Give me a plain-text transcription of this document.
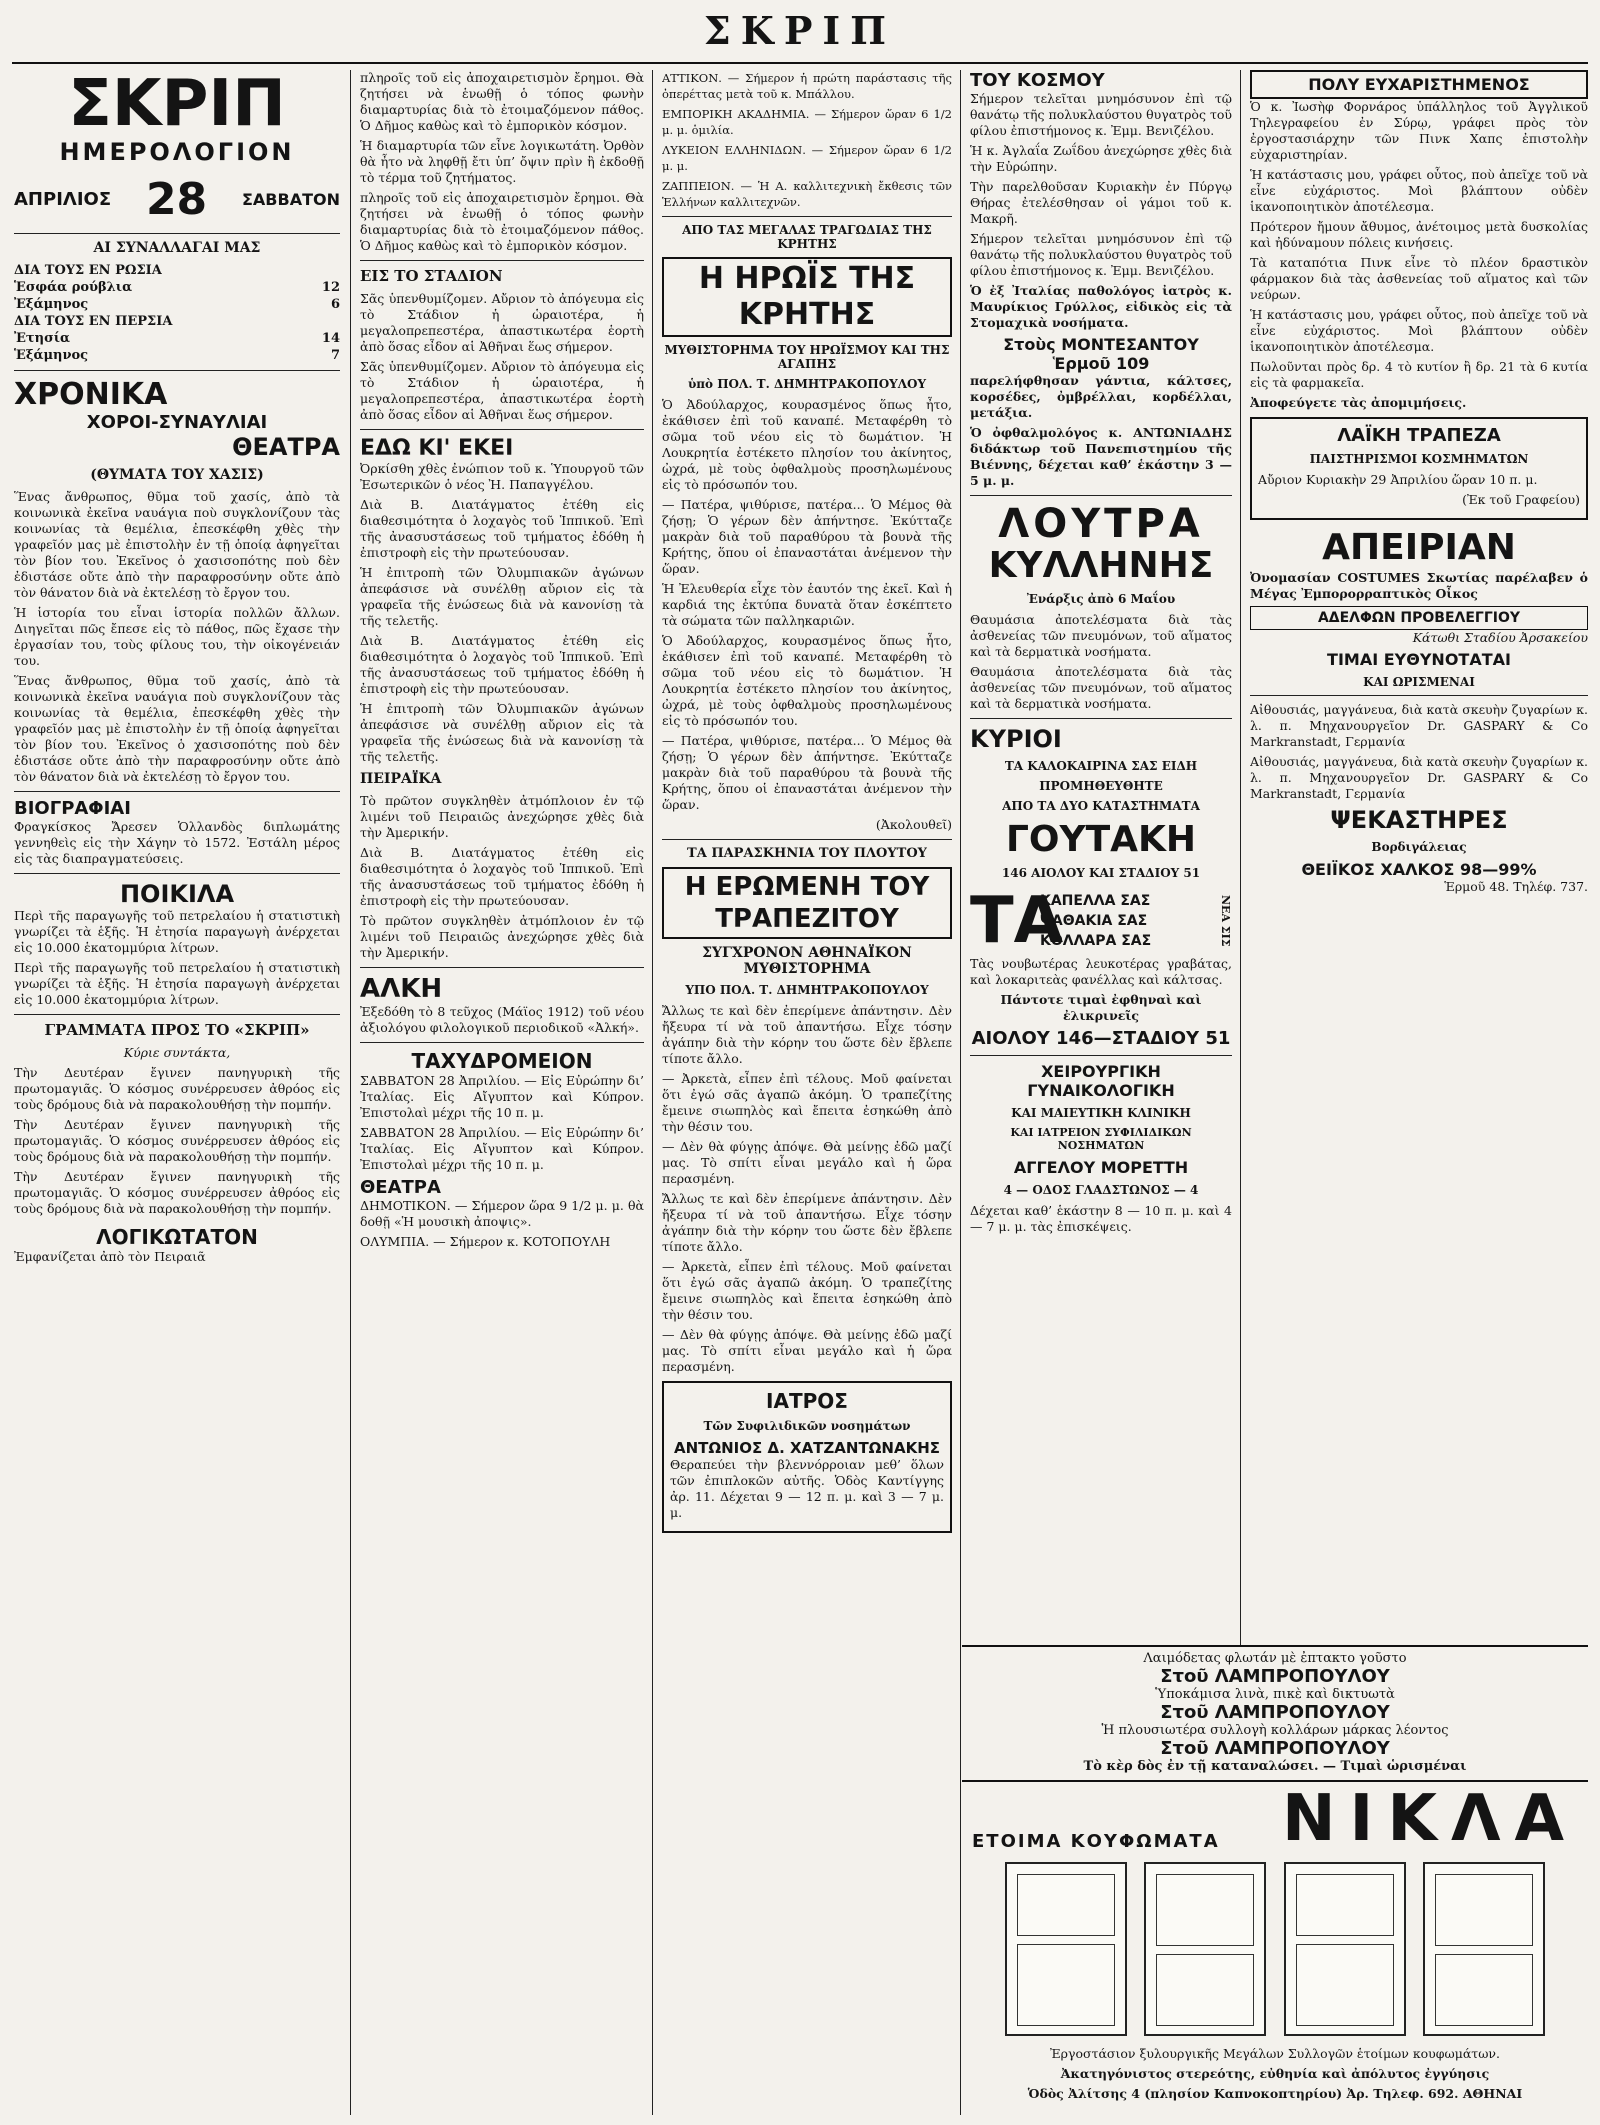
ΣΚΡΙΠ
ΣΚΡΙΠ
ΗΜΕΡΟΛΟΓΙΟΝ
ΑΠΡΙΛΙΟΣ 28 ΣΑΒΒΑΤΟΝ
ΑΙ ΣΥΝΑΛΛΑΓΑΙ ΜΑΣ
ΔΙΑ ΤΟΥΣ ΕΝ ΡΩΣΙΑ
Ἑσφάα ρούβλια	12
Ἐξάμηνος	6
ΔΙΑ ΤΟΥΣ ΕΝ ΠΕΡΣΙΑ
Ἐτησία	14
Ἑξάμηνος	7
ΧΡΟΝΙΚΑ
ΧΟΡΟΙ-ΣΥΝΑΥΛΙΑΙ
ΘΕΑΤΡΑ
(ΘΥΜΑΤΑ ΤΟΥ ΧΑΣΙΣ)

Ἕνας ἄνθρωπος, θῦμα τοῦ χασίς, ἀπὸ τὰ κοινωνικὰ ἐκεῖνα ναυάγια ποὺ συγκλονίζουν τὰς κοινωνίας τὰ θεμέλια, ἐπεσκέφθη χθὲς τὴν γραφεῖόν μας μὲ ἐπιστολὴν ἐν τῇ ὁποίᾳ ἀφηγεῖται τὸν βίον του. Ἐκεῖνος ὁ χασισοπότης ποὺ δὲν ἐδιστάσε οὔτε ἀπὸ τὴν παραφροσύνην οὔτε ἀπὸ τὸν θάνατον διὰ νὰ ἐκτελέσῃ τὸ ἔργον του.

Ἡ ἱστορία του εἶναι ἱστορία πολλῶν ἄλλων. Διηγεῖται πῶς ἔπεσε εἰς τὸ πάθος, πῶς ἔχασε τὴν ἐργασίαν του, τοὺς φίλους του, τὴν οἰκογένειάν του.

Ἕνας ἄνθρωπος, θῦμα τοῦ χασίς, ἀπὸ τὰ κοινωνικὰ ἐκεῖνα ναυάγια ποὺ συγκλονίζουν τὰς κοινωνίας τὰ θεμέλια, ἐπεσκέφθη χθὲς τὴν γραφεῖόν μας μὲ ἐπιστολὴν ἐν τῇ ὁποίᾳ ἀφηγεῖται τὸν βίον του. Ἐκεῖνος ὁ χασισοπότης ποὺ δὲν ἐδιστάσε οὔτε ἀπὸ τὴν παραφροσύνην οὔτε ἀπὸ τὸν θάνατον διὰ νὰ ἐκτελέσῃ τὸ ἔργον του.

ΒΙΟΓΡΑΦΙΑΙ

Φραγκίσκος Ἄρεσεν Ὁλλανδὸς διπλωμάτης γεννηθεὶς εἰς τὴν Χάγην τὸ 1572. Ἐστάλη μέρος εἰς τὰς διαπραγματεύσεις.

ΠΟΙΚΙΛΑ

Περὶ τῆς παραγωγῆς τοῦ πετρελαίου ἡ στατιστικὴ γνωρίζει τὰ ἑξῆς. Ἡ ἐτησία παραγωγὴ ἀνέρχεται εἰς 10.000 ἑκατομμύρια λίτρων.

Περὶ τῆς παραγωγῆς τοῦ πετρελαίου ἡ στατιστικὴ γνωρίζει τὰ ἑξῆς. Ἡ ἐτησία παραγωγὴ ἀνέρχεται εἰς 10.000 ἑκατομμύρια λίτρων.

ΓΡΑΜΜΑΤΑ ΠΡΟΣ ΤΟ «ΣΚΡΙΠ»

Κύριε συντάκτα,

Τὴν Δευτέραν ἔγινεν πανηγυρικὴ τῆς πρωτομαγιᾶς. Ὁ κόσμος συνέρρευσεν ἀθρόος εἰς τοὺς δρόμους διὰ νὰ παρακολουθήσῃ τὴν πομπήν.

Τὴν Δευτέραν ἔγινεν πανηγυρικὴ τῆς πρωτομαγιᾶς. Ὁ κόσμος συνέρρευσεν ἀθρόος εἰς τοὺς δρόμους διὰ νὰ παρακολουθήσῃ τὴν πομπήν.

Τὴν Δευτέραν ἔγινεν πανηγυρικὴ τῆς πρωτομαγιᾶς. Ὁ κόσμος συνέρρευσεν ἀθρόος εἰς τοὺς δρόμους διὰ νὰ παρακολουθήσῃ τὴν πομπήν.

ΛΟΓΙΚΩΤΑΤΟΝ

Ἐμφανίζεται ἀπὸ τὸν Πειραιᾶ

πληροῖς τοῦ εἰς ἀποχαιρετισμὸν ἔρημοι. Θὰ ζητήσει νὰ ἑνωθῇ ὁ τόπος φωνὴν διαμαρτυρίας διὰ τὸ ἐτοιμαζόμενον πάθος. Ὁ Δῆμος καθὼς καὶ τὸ ἐμπορικὸν κόσμον.

Ἡ διαμαρτυρία τῶν εἶνε λογικωτάτη. Ὀρθὸν θὰ ἦτο νὰ ληφθῇ ἔτι ὑπ’ ὄψιν πρὶν ἢ ἐκδοθῇ τὸ τέρμα τοῦ ζητήματος.

πληροῖς τοῦ εἰς ἀποχαιρετισμὸν ἔρημοι. Θὰ ζητήσει νὰ ἑνωθῇ ὁ τόπος φωνὴν διαμαρτυρίας διὰ τὸ ἐτοιμαζόμενον πάθος. Ὁ Δῆμος καθὼς καὶ τὸ ἐμπορικὸν κόσμον.

ΕΙΣ ΤΟ ΣΤΑΔΙΟΝ

Σᾶς ὑπενθυμίζομεν. Αὔριον τὸ ἀπόγευμα εἰς τὸ Στάδιον ἡ ὡραιοτέρα, ἡ μεγαλοπρεπεστέρα, ἀπαστικωτέρα ἑορτὴ ἀπὸ ὅσας εἶδον αἱ Ἀθῆναι ἕως σήμερον.

Σᾶς ὑπενθυμίζομεν. Αὔριον τὸ ἀπόγευμα εἰς τὸ Στάδιον ἡ ὡραιοτέρα, ἡ μεγαλοπρεπεστέρα, ἀπαστικωτέρα ἑορτὴ ἀπὸ ὅσας εἶδον αἱ Ἀθῆναι ἕως σήμερον.

ΕΔΩ ΚΙ' ΕΚΕΙ

Ὀρκίσθη χθὲς ἐνώπιον τοῦ κ. Ὑπουργοῦ τῶν Ἐσωτερικῶν ὁ νέος Ἠ. Παπαγγέλου.

Διὰ Β. Διατάγματος ἐτέθη εἰς διαθεσιμότητα ὁ λοχαγὸς τοῦ Ἱππικοῦ. Ἐπὶ τῆς ἀνασυστάσεως τοῦ τμήματος ἐδόθη ἡ ἐπιστροφὴ εἰς τὴν πρωτεύουσαν.

Ἡ ἐπιτροπὴ τῶν Ὀλυμπιακῶν ἀγώνων ἀπεφάσισε νὰ συνέλθῃ αὔριον εἰς τὰ γραφεῖα τῆς ἑνώσεως διὰ νὰ κανονίσῃ τὰ τῆς τελετῆς.

Διὰ Β. Διατάγματος ἐτέθη εἰς διαθεσιμότητα ὁ λοχαγὸς τοῦ Ἱππικοῦ. Ἐπὶ τῆς ἀνασυστάσεως τοῦ τμήματος ἐδόθη ἡ ἐπιστροφὴ εἰς τὴν πρωτεύουσαν.

Ἡ ἐπιτροπὴ τῶν Ὀλυμπιακῶν ἀγώνων ἀπεφάσισε νὰ συνέλθῃ αὔριον εἰς τὰ γραφεῖα τῆς ἑνώσεως διὰ νὰ κανονίσῃ τὰ τῆς τελετῆς.

ΠΕΙΡΑΪΚΑ

Τὸ πρῶτον συγκληθὲν ἀτμόπλοιον ἐν τῷ λιμένι τοῦ Πειραιῶς ἀνεχώρησε χθὲς διὰ τὴν Ἀμερικήν.

Διὰ Β. Διατάγματος ἐτέθη εἰς διαθεσιμότητα ὁ λοχαγὸς τοῦ Ἱππικοῦ. Ἐπὶ τῆς ἀνασυστάσεως τοῦ τμήματος ἐδόθη ἡ ἐπιστροφὴ εἰς τὴν πρωτεύουσαν.

Τὸ πρῶτον συγκληθὲν ἀτμόπλοιον ἐν τῷ λιμένι τοῦ Πειραιῶς ἀνεχώρησε χθὲς διὰ τὴν Ἀμερικήν.

ΑΛΚΗ

Ἐξεδόθη τὸ 8 τεῦχος (Μάϊος 1912) τοῦ νέου ἀξιολόγου φιλολογικοῦ περιοδικοῦ «Ἀλκή».

ΤΑΧΥΔΡΟΜΕΙΟΝ

ΣΑΒΒΑΤΟΝ 28 Ἀπριλίου. — Εἰς Εὐρώπην δι’ Ἰταλίας. Εἰς Αἴγυπτον καὶ Κύπρον. Ἐπιστολαὶ μέχρι τῆς 10 π. μ.

ΣΑΒΒΑΤΟΝ 28 Ἀπριλίου. — Εἰς Εὐρώπην δι’ Ἰταλίας. Εἰς Αἴγυπτον καὶ Κύπρον. Ἐπιστολαὶ μέχρι τῆς 10 π. μ.

ΘΕΑΤΡΑ

ΔΗΜΟΤΙΚΟΝ. — Σήμερον ὥρα 9 1/2 μ. μ. θὰ δοθῇ «Ἡ μουσικὴ ἀποψις».

ΟΛΥΜΠΙΑ. — Σήμερον κ. ΚΟΤΟΠΟΥΛΗ

ΑΤΤΙΚΟΝ. — Σήμερον ἡ πρώτη παράστασις τῆς ὀπερέττας μετὰ τοῦ κ. Μπάλλου.

ΕΜΠΟΡΙΚΗ ΑΚΑΔΗΜΙΑ. — Σήμερον ὥραν 6 1/2 μ. μ. ὁμιλία.

ΛΥΚΕΙΟΝ ΕΛΛΗΝΙΔΩΝ. — Σήμερον ὥραν 6 1/2 μ. μ.

ΖΑΠΠΕΙΟΝ. — Ἡ Α. καλλιτεχνικὴ ἔκθεσις τῶν Ἑλλήνων καλλιτεχνῶν.

ΑΠΟ ΤΑΣ ΜΕΓΑΛΑΣ ΤΡΑΓΩΔΙΑΣ ΤΗΣ ΚΡΗΤΗΣ
Η ΗΡΩΪΣ ΤΗΣ ΚΡΗΤΗΣ
ΜΥΘΙΣΤΟΡΗΜΑ ΤΟΥ ΗΡΩΪΣΜΟΥ ΚΑΙ ΤΗΣ ΑΓΑΠΗΣ
ὑπὸ ΠΟΛ. Τ. ΔΗΜΗΤΡΑΚΟΠΟΥΛΟΥ

Ὁ Ἀδούλαρχος, κουρασμένος ὅπως ἦτο, ἐκάθισεν ἐπὶ τοῦ καναπέ. Μεταφέρθη τὸ σῶμα τοῦ νέου εἰς τὸ δωμάτιον. Ἡ Λουκρητία ἐστέκετο πλησίον του ἀκίνητος, ὠχρά, μὲ τοὺς ὀφθαλμοὺς προσηλωμένους εἰς τὸ πρόσωπόν του.

— Πατέρα, ψιθύρισε, πατέρα... Ὁ Μέμος θὰ ζήσῃ; Ὁ γέρων δὲν ἀπήντησε. Ἐκύτταζε μακρὰν διὰ τοῦ παραθύρου τὰ βουνὰ τῆς Κρήτης, ὅπου οἱ ἐπαναστάται ἀνέμενον τὴν ὥραν.

Ἡ Ἐλευθερία εἶχε τὸν ἑαυτόν της ἐκεῖ. Καὶ ἡ καρδιά της ἐκτύπα δυνατὰ ὅταν ἐσκέπτετο τὰ σώματα τῶν παλληκαριῶν.

Ὁ Ἀδούλαρχος, κουρασμένος ὅπως ἦτο, ἐκάθισεν ἐπὶ τοῦ καναπέ. Μεταφέρθη τὸ σῶμα τοῦ νέου εἰς τὸ δωμάτιον. Ἡ Λουκρητία ἐστέκετο πλησίον του ἀκίνητος, ὠχρά, μὲ τοὺς ὀφθαλμοὺς προσηλωμένους εἰς τὸ πρόσωπόν του.

— Πατέρα, ψιθύρισε, πατέρα... Ὁ Μέμος θὰ ζήσῃ; Ὁ γέρων δὲν ἀπήντησε. Ἐκύτταζε μακρὰν διὰ τοῦ παραθύρου τὰ βουνὰ τῆς Κρήτης, ὅπου οἱ ἐπαναστάται ἀνέμενον τὴν ὥραν.

(Ἀκολουθεῖ)

ΤΑ ΠΑΡΑΣΚΗΝΙΑ ΤΟΥ ΠΛΟΥΤΟΥ
Η ΕΡΩΜΕΝΗ ΤΟΥ ΤΡΑΠΕΖΙΤΟΥ
ΣΥΓΧΡΟΝΟΝ ΑΘΗΝΑΪΚΟΝ ΜΥΘΙΣΤΟΡΗΜΑ
ΥΠΟ ΠΟΛ. Τ. ΔΗΜΗΤΡΑΚΟΠΟΥΛΟΥ

Ἄλλως τε καὶ δὲν ἐπερίμενε ἀπάντησιν. Δὲν ἤξευρα τί νὰ τοῦ ἀπαντήσω. Εἶχε τόσην ἀγάπην διὰ τὴν κόρην του ὥστε δὲν ἔβλεπε τίποτε ἄλλο.

— Ἀρκετὰ, εἶπεν ἐπὶ τέλους. Μοῦ φαίνεται ὅτι ἐγώ σᾶς ἀγαπῶ ἀκόμη. Ὁ τραπεζίτης ἔμεινε σιωπηλὸς καὶ ἔπειτα ἐσηκώθη ἀπὸ τὴν θέσιν του.

— Δὲν θὰ φύγῃς ἀπόψε. Θὰ μείνῃς ἐδῶ μαζί μας. Τὸ σπίτι εἶναι μεγάλο καὶ ἡ ὥρα περασμένη.

Ἄλλως τε καὶ δὲν ἐπερίμενε ἀπάντησιν. Δὲν ἤξευρα τί νὰ τοῦ ἀπαντήσω. Εἶχε τόσην ἀγάπην διὰ τὴν κόρην του ὥστε δὲν ἔβλεπε τίποτε ἄλλο.

— Ἀρκετὰ, εἶπεν ἐπὶ τέλους. Μοῦ φαίνεται ὅτι ἐγώ σᾶς ἀγαπῶ ἀκόμη. Ὁ τραπεζίτης ἔμεινε σιωπηλὸς καὶ ἔπειτα ἐσηκώθη ἀπὸ τὴν θέσιν του.

— Δὲν θὰ φύγῃς ἀπόψε. Θὰ μείνῃς ἐδῶ μαζί μας. Τὸ σπίτι εἶναι μεγάλο καὶ ἡ ὥρα περασμένη.

ΙΑΤΡΟΣ
Τῶν Συφιλιδικῶν νοσημάτων
ΑΝΤΩΝΙΟΣ Δ. ΧΑΤΖΑΝΤΩΝΑΚΗΣ

Θεραπεύει τὴν βλεννόρροιαν μεθ’ ὅλων τῶν ἐπιπλοκῶν αὐτῆς. Ὁδὸς Καντίγγης ἀρ. 11. Δέχεται 9 — 12 π. μ. καὶ 3 — 7 μ. μ.

ΤΟΥ ΚΟΣΜΟΥ

Σήμερον τελεῖται μνημόσυνον ἐπὶ τῷ θανάτῳ τῆς πολυκλαύστου θυγατρὸς τοῦ φίλου ἐπιστήμονος κ. Ἐμμ. Βενιζέλου.

Ἡ κ. Ἀγλαΐα Ζωΐδου ἀνεχώρησε χθὲς διὰ τὴν Εὐρώπην.

Τὴν παρελθοῦσαν Κυριακὴν ἐν Πύργῳ Θήρας ἐτελέσθησαν οἱ γάμοι τοῦ κ. Μακρῆ.

Σήμερον τελεῖται μνημόσυνον ἐπὶ τῷ θανάτῳ τῆς πολυκλαύστου θυγατρὸς τοῦ φίλου ἐπιστήμονος κ. Ἐμμ. Βενιζέλου.

Ὁ ἐξ Ἰταλίας παθολόγος ἰατρὸς κ. Μαυρίκιος Γρύλλος, εἰδικὸς εἰς τὰ Στομαχικὰ νοσήματα.

Στοὺς ΜΟΝΤΕΣΑΝΤΟΥ
Ἑρμοῦ 109

παρελήφθησαν γάντια, κάλτσες, κορσέδες, ὀμβρέλλαι, κορδέλλαι, μετάξια.

Ὁ ὀφθαλμολόγος κ. ΑΝΤΩΝΙΑΔΗΣ διδάκτωρ τοῦ Πανεπιστημίου τῆς Βιέννης, δέχεται καθ’ ἑκάστην 3 — 5 μ. μ.

ΛΟΥΤΡΑ
ΚΥΛΛΗΝΗΣ
Ἐνάρξις ἀπὸ 6 Μαΐου

Θαυμάσια ἀποτελέσματα διὰ τὰς ἀσθενείας τῶν πνευμόνων, τοῦ αἵματος καὶ τὰ δερματικὰ νοσήματα.

Θαυμάσια ἀποτελέσματα διὰ τὰς ἀσθενείας τῶν πνευμόνων, τοῦ αἵματος καὶ τὰ δερματικὰ νοσήματα.

ΚΥΡΙΟΙ
ΤΑ ΚΑΛΟΚΑΙΡΙΝΑ ΣΑΣ ΕΙΔΗ
ΠΡΟΜΗΘΕΥΘΗΤΕ
ΑΠΟ ΤΑ ΔΥΟ ΚΑΤΑΣΤΗΜΑΤΑ
ΓΟΥΤΑΚΗ
146 ΑΙΟΛΟΥ ΚΑΙ ΣΤΑΔΙΟΥ 51
ΤΑ
ΚΑΠΕΛΛΑ ΣΑΣ
ΨΑΘΑΚΙΑ ΣΑΣ
ΚΟΛΛΑΡΑ ΣΑΣ	ΝΕΑ ΣΙΣ

Τὰς νουβωτέρας λευκοτέρας γραβάτας, καὶ λοκαριτεὰς φανέλλας καὶ κάλτσας.

Πάντοτε τιμαὶ ἐφθηναὶ καὶ ἐλικρινεῖς

ΑΙΟΛΟΥ 146—ΣΤΑΔΙΟΥ 51
ΧΕΙΡΟΥΡΓΙΚΗ ΓΥΝΑΙΚΟΛΟΓΙΚΗ
ΚΑΙ ΜΑΙΕΥΤΙΚΗ ΚΛΙΝΙΚΗ
ΚΑΙ ΙΑΤΡΕΙΟΝ ΣΥΦΙΛΙΔΙΚΩΝ ΝΟΣΗΜΑΤΩΝ
ΑΓΓΕΛΟΥ ΜΟΡΕΤΤΗ
4 — ΟΔΟΣ ΓΛΑΔΣΤΩΝΟΣ — 4

Δέχεται καθ’ ἑκάστην 8 — 10 π. μ. καὶ 4 — 7 μ. μ. τὰς ἐπισκέψεις.

ΠΟΛΥ ΕΥΧΑΡΙΣΤΗΜΕΝΟΣ

Ὁ κ. Ἰωσὴφ Φορνάρος ὑπάλληλος τοῦ Ἀγγλικοῦ Τηλεγραφείου ἐν Σύρῳ, γράφει πρὸς τὸν ἐργοστασιάρχην τῶν Πινκ Χαπς ἐπιστολὴν εὐχαριστηρίαν.

Ἡ κατάστασις μου, γράφει οὗτος, ποὺ ἀπεῖχε τοῦ νὰ εἶνε εὐχάριστος. Μοὶ βλάπτουν οὐδὲν ἱκανοποιητικὸν ἀποτέλεσμα.

Πρότερον ἤμουν ἄθυμος, ἀνέτοιμος μετὰ δυσκολίας καὶ ἠδύναμουν πόλεις κινήσεις.

Τὰ καταπότια Πινκ εἶνε τὸ πλέον δραστικὸν φάρμακον διὰ τὰς ἀσθενείας τοῦ αἵματος καὶ τῶν νεύρων.

Ἡ κατάστασις μου, γράφει οὗτος, ποὺ ἀπεῖχε τοῦ νὰ εἶνε εὐχάριστος. Μοὶ βλάπτουν οὐδὲν ἱκανοποιητικὸν ἀποτέλεσμα.

Πωλοῦνται πρὸς δρ. 4 τὸ κυτίον ἢ δρ. 21 τὰ 6 κυτία εἰς τὰ φαρμακεῖα.

Ἀποφεύγετε τὰς ἀπομιμήσεις.

ΛΑΪΚΗ ΤΡΑΠΕΖΑ
ΠΑΙΣΤΗΡΙΣΜΟΙ ΚΟΣΜΗΜΑΤΩΝ

Αὔριον Κυριακὴν 29 Ἀπριλίου ὥραν 10 π. μ.

(Ἐκ τοῦ Γραφείου)

ΑΠΕΙΡΙΑΝ

Ὀνομασίαν COSTUMES Σκωτίας παρέλαβεν ὁ Μέγας Ἐμπορορραπτικὸς Οἶκος

ΑΔΕΛΦΩΝ ΠΡΟΒΕΛΕΓΓΙΟΥ

Κάτωθι Σταδίου Ἀρσακείου

ΤΙΜΑΙ ΕΥΘΥΝΟΤΑΤΑΙ
ΚΑΙ ΩΡΙΣΜΕΝΑΙ

Αἰθουσιάς, μαγγάνευα, διὰ κατὰ σκευὴν ζυγαρίων κ. λ. π. Μηχανουργεῖον Dr. GASPARY & Co Markranstadt, Γερμανία

Αἰθουσιάς, μαγγάνευα, διὰ κατὰ σκευὴν ζυγαρίων κ. λ. π. Μηχανουργεῖον Dr. GASPARY & Co Markranstadt, Γερμανία

ΨΕΚΑΣΤΗΡΕΣ
Βορδιγάλειας
ΘΕΙΪΚΟΣ ΧΑΛΚΟΣ 98—99%

Ἑρμοῦ 48. Τηλέφ. 737.

Λαιμόδετας φλωτάν μὲ ἐπτακτο γοῦστο
Στοῦ ΛΑΜΠΡΟΠΟΥΛΟΥ
Ὑποκάμισα λινὰ, πικὲ καὶ δικτυωτὰ
Στοῦ ΛΑΜΠΡΟΠΟΥΛΟΥ
Ἡ πλουσιωτέρα συλλογὴ κολλάρων μάρκας λέοντος
Στοῦ ΛΑΜΠΡΟΠΟΥΛΟΥ
Τὸ κὲρ δὸς ἐν τῇ καταναλώσει. — Τιμαὶ ὡρισμέναι
ΕΤΟΙΜΑ ΚΟΥΦΩΜΑΤΑ ΝΙΚΛΑ

Ἐργοστάσιον ξυλουργικῆς Μεγάλων Συλλογῶν ἑτοίμων κουφωμάτων.

Ἀκατηγόνιστος στερεότης, εὐθηνία καὶ ἀπόλυτος ἐγγύησις

Ὁδὸς Ἀλίτσης 4 (πλησίον Καπνοκοπτηρίου) Ἀρ. Τηλεφ. 692. ΑΘΗΝΑΙ
